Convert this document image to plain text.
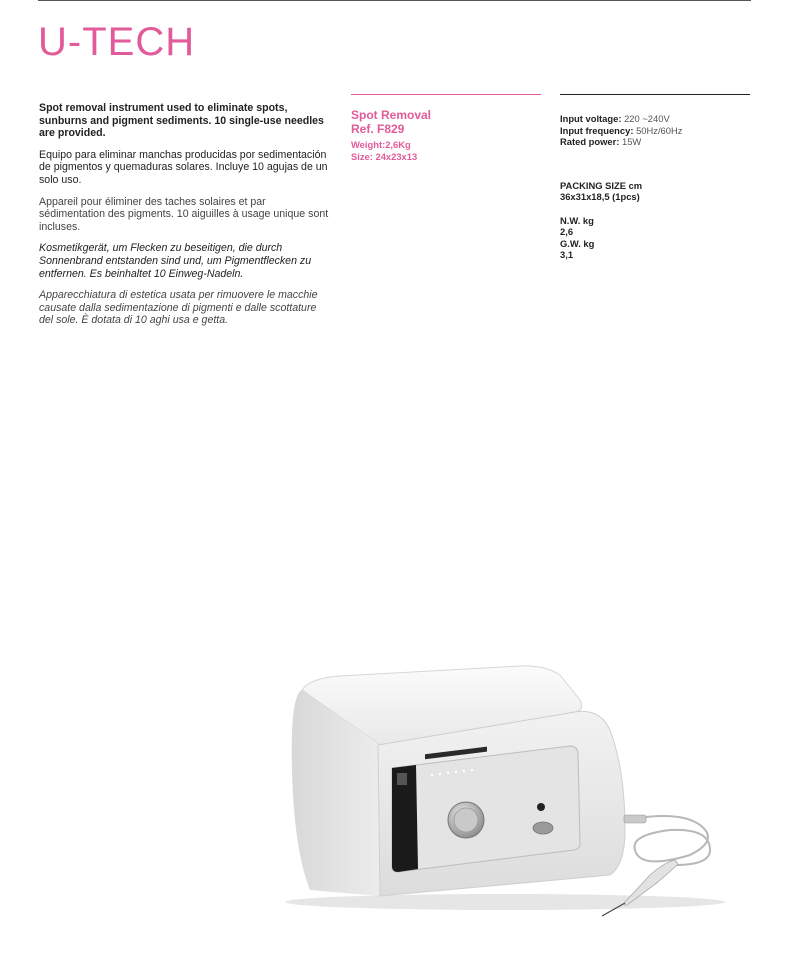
U-TECH

Spot removal instrument used to eliminate spots, sunburns and pigment sediments. 10 single-use needles are provided.

Equipo para eliminar manchas producidas por sedimentación de pigmentos y quemaduras solares. Incluye 10 agujas de un solo uso.

Appareil pour éliminer des taches solaires et par sédimentation des pigments. 10 aiguilles à usage unique sont incluses.

Kosmetikgerät, um Flecken zu beseitigen, die durch Sonnenbrand entstanden sind und, um Pigmentflecken zu entfernen. Es beinhaltet 10 Einweg-Nadeln.

Apparecchiatura di estetica usata per rimuovere le macchie causate dalla sedimentazione di pigmenti e dalle scottature del sole. È dotata di 10 aghi usa e getta.

Spot Removal
Ref. F829
Weight:2,6Kg
Size: 24x23x13
Input voltage: 220 ~240V
Input frequency: 50Hz/60Hz
Rated power: 15W
PACKING SIZE cm
36x31x18,5 (1pcs)
N.W. kg
2,6
G.W. kg
3,1
